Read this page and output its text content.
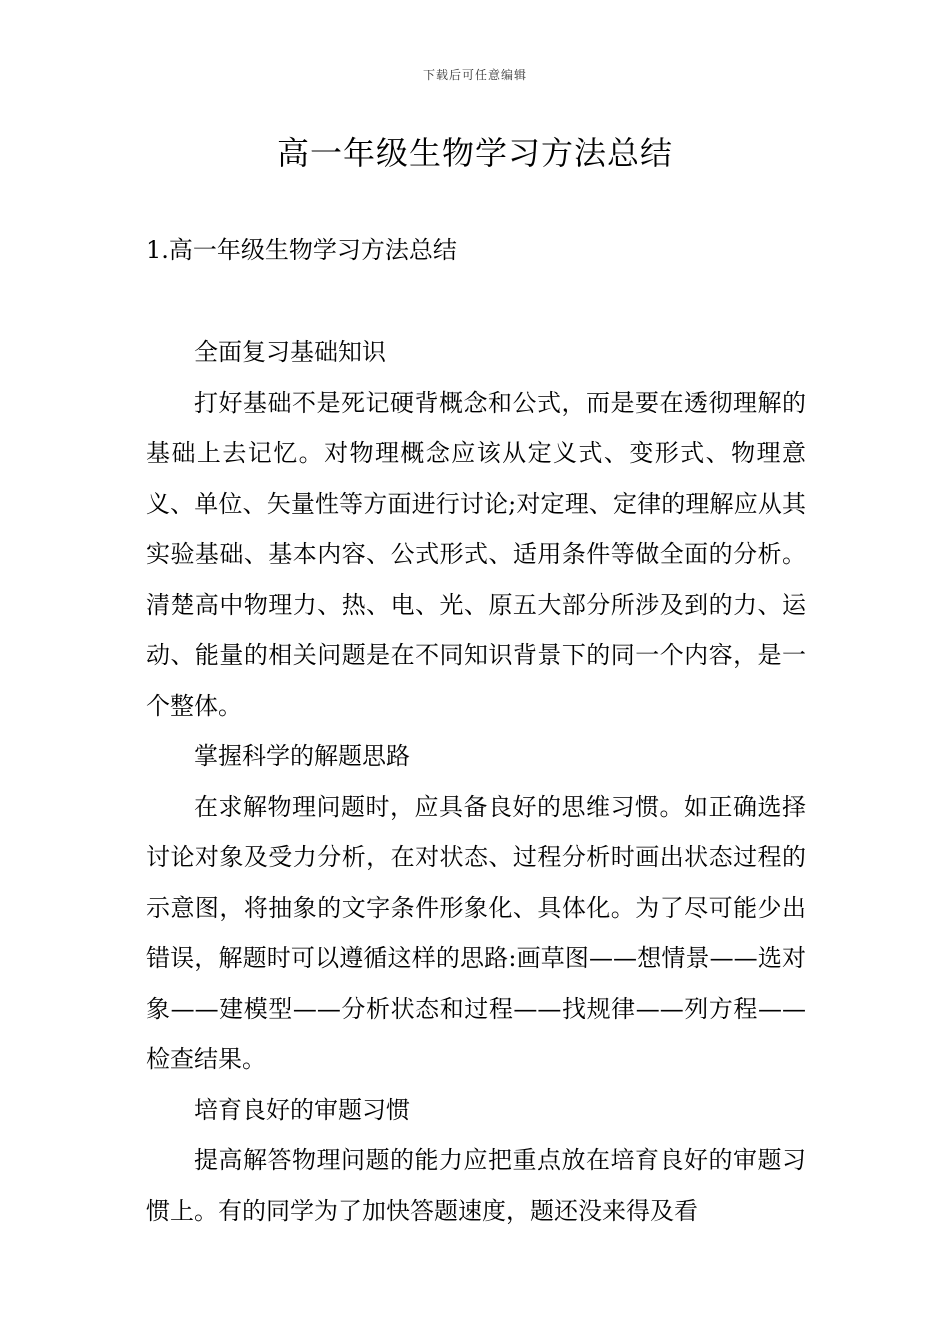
下载后可任意编辑
高一年级生物学习方法总结
1.高一年级生物学习方法总结

全面复习基础知识

打好基础不是死记硬背概念和公式，而是要在透彻理解的基础上去记忆。对物理概念应该从定义式、变形式、物理意义、单位、矢量性等方面进行讨论;对定理、定律的理解应从其实验基础、基本内容、公式形式、适用条件等做全面的分析。清楚高中物理力、热、电、光、原五大部分所涉及到的力、运动、能量的相关问题是在不同知识背景下的同一个内容，是一个整体。

掌握科学的解题思路

在求解物理问题时，应具备良好的思维习惯。如正确选择讨论对象及受力分析，在对状态、过程分析时画出状态过程的示意图，将抽象的文字条件形象化、具体化。为了尽可能少出错误，解题时可以遵循这样的思路:画草图——想情景——选对象——建模型——分析状态和过程——找规律——列方程——检查结果。

培育良好的审题习惯

提高解答物理问题的能力应把重点放在培育良好的审题习惯上。有的同学为了加快答题速度，题还没来得及看
